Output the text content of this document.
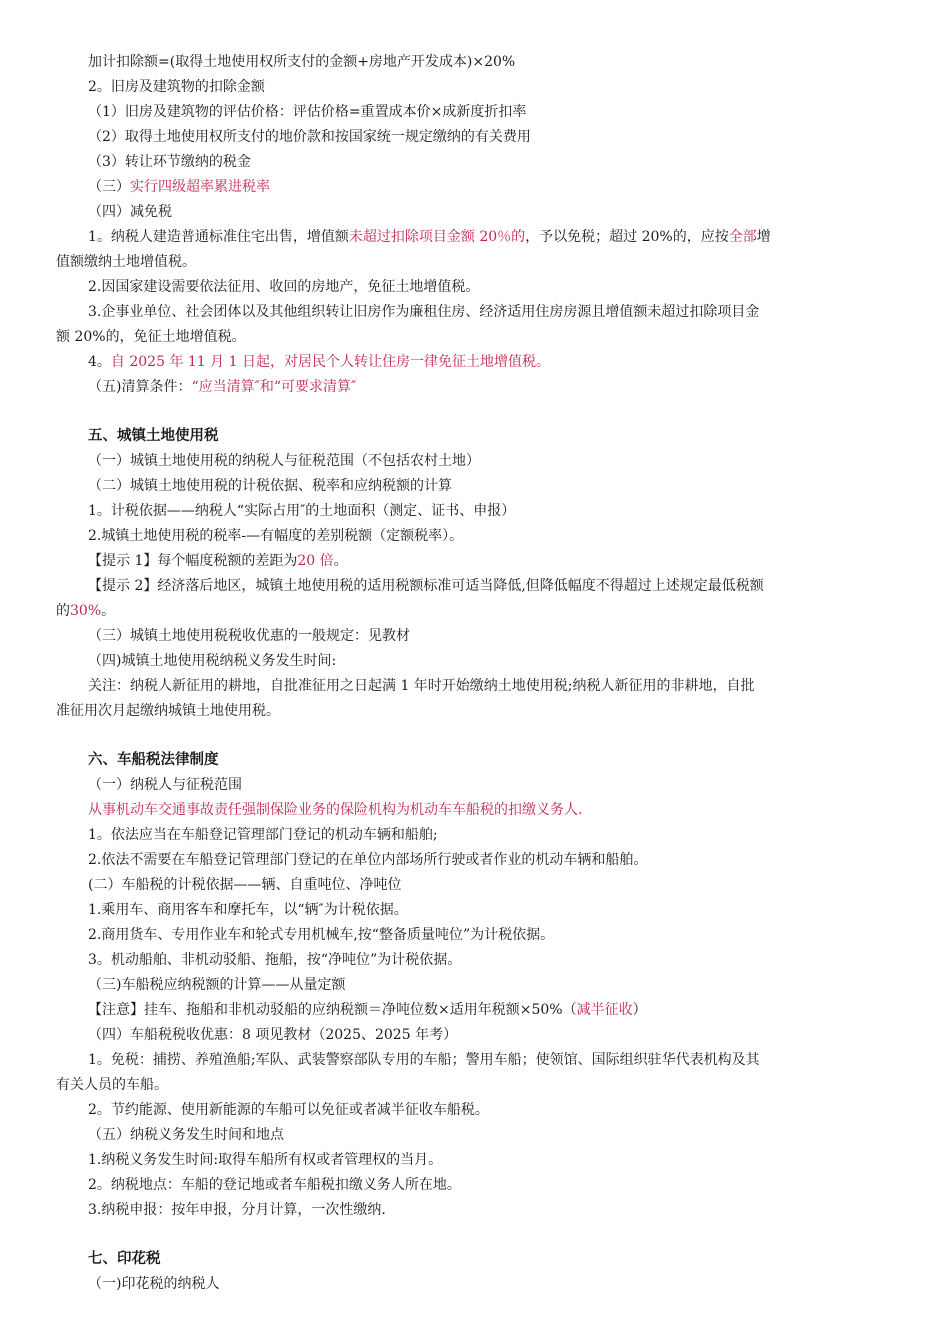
加计扣除额=(取得土地使用权所支付的金额+房地产开发成本)×20%
2。旧房及建筑物的扣除金额
（1）旧房及建筑物的评估价格：评估价格=重置成本价×成新度折扣率
（2）取得土地使用权所支付的地价款和按国家统一规定缴纳的有关费用
（3）转让环节缴纳的税金
（三）实行四级超率累进税率
（四）减免税
1。纳税人建造普通标准住宅出售，增值额未超过扣除项目金额 20％的，予以免税；超过 20%的，应按全部增
值额缴纳土地增值税。
2.因国家建设需要依法征用、收回的房地产，免征土地增值税。
3.企事业单位、社会团体以及其他组织转让旧房作为廉租住房、经济适用住房房源且增值额未超过扣除项目金
额 20%的，免征土地增值税。
4。自 2025 年 11 月 1 日起，对居民个人转让住房一律免征土地增值税。
（五)清算条件：“应当清算″和“可要求清算″
五、城镇土地使用税
（一）城镇土地使用税的纳税人与征税范围（不包括农村土地）
（二）城镇土地使用税的计税依据、税率和应纳税额的计算
1。计税依据——纳税人“实际占用″的土地面积（测定、证书、申报）
2.城镇土地使用税的税率-—有幅度的差别税额（定额税率）。
【提示 1】每个幅度税额的差距为20 倍。
【提示 2】经济落后地区，城镇土地使用税的适用税额标准可适当降低,但降低幅度不得超过上述规定最低税额
的30%。
（三）城镇土地使用税税收优惠的一般规定：见教材
（四)城镇土地使用税纳税义务发生时间:
关注：纳税人新征用的耕地，自批准征用之日起满 1 年时开始缴纳土地使用税;纳税人新征用的非耕地，自批
准征用次月起缴纳城镇土地使用税。
六、车船税法律制度
（一）纳税人与征税范围
从事机动车交通事故责任强制保险业务的保险机构为机动车车船税的扣缴义务人.
1。依法应当在车船登记管理部门登记的机动车辆和船舶;
2.依法不需要在车船登记管理部门登记的在单位内部场所行驶或者作业的机动车辆和船舶。
(二）车船税的计税依据——辆、自重吨位、净吨位
1.乘用车、商用客车和摩托车，以“辆″为计税依据。
2.商用货车、专用作业车和轮式专用机械车,按“整备质量吨位”为计税依据。
3。机动船舶、非机动驳船、拖船，按“净吨位”为计税依据。
（三)车船税应纳税额的计算——从量定额
【注意】挂车、拖船和非机动驳船的应纳税额＝净吨位数×适用年税额×50%（减半征收）
（四）车船税税收优惠：8 项见教材（2025、2025 年考）
1。免税：捕捞、养殖渔船;军队、武装警察部队专用的车船；警用车船；使领馆、国际组织驻华代表机构及其
有关人员的车船。
2。节约能源、使用新能源的车船可以免征或者减半征收车船税。
（五）纳税义务发生时间和地点
1.纳税义务发生时间:取得车船所有权或者管理权的当月。
2。纳税地点：车船的登记地或者车船税扣缴义务人所在地。
3.纳税申报：按年申报，分月计算，一次性缴纳.
七、印花税
（一)印花税的纳税人
